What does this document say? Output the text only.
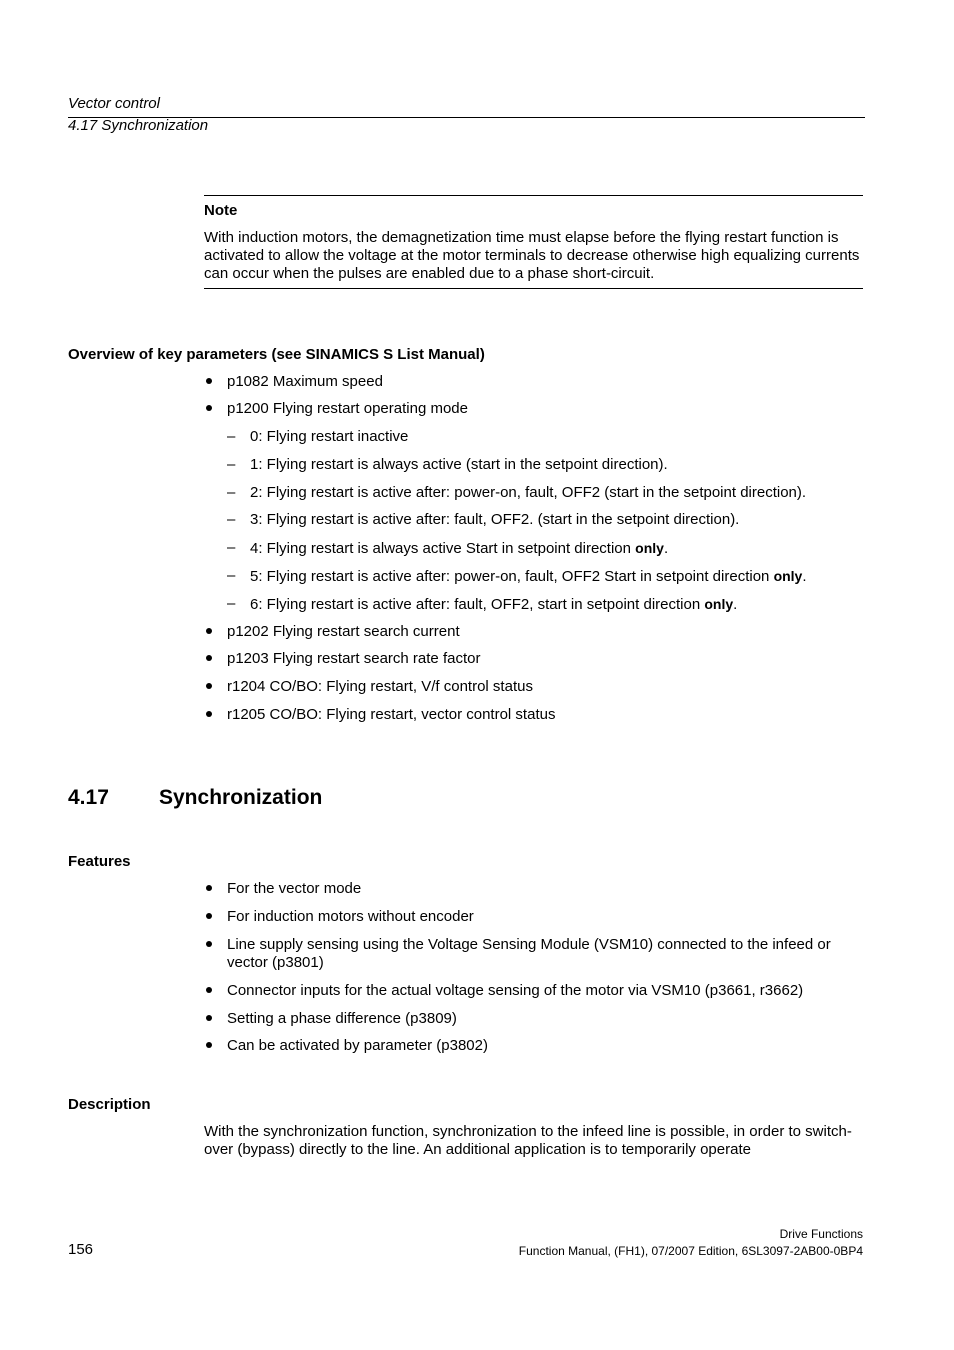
Vector control
4.17 Synchronization
Note
With induction motors, the demagnetization time must elapse before the flying restart function is activated to allow the voltage at the motor terminals to decrease otherwise high equalizing currents can occur when the pulses are enabled due to a phase short-circuit.
Overview of key parameters (see SINAMICS S List Manual)
p1082 Maximum speed
p1200 Flying restart operating mode
– 0: Flying restart inactive
– 1: Flying restart is always active (start in the setpoint direction).
– 2: Flying restart is active after: power-on, fault, OFF2 (start in the setpoint direction).
– 3: Flying restart is active after: fault, OFF2. (start in the setpoint direction).
– 4: Flying restart is always active Start in setpoint direction only.
– 5: Flying restart is active after: power-on, fault, OFF2 Start in setpoint direction only.
– 6: Flying restart is active after: fault, OFF2, start in setpoint direction only.
p1202 Flying restart search current
p1203 Flying restart search rate factor
r1204 CO/BO: Flying restart, V/f control status
r1205 CO/BO: Flying restart, vector control status
4.17 Synchronization
Features
For the vector mode
For induction motors without encoder
Line supply sensing using the Voltage Sensing Module (VSM10) connected to the infeed or vector (p3801)
Connector inputs for the actual voltage sensing of the motor via VSM10 (p3661, r3662)
Setting a phase difference (p3809)
Can be activated by parameter (p3802)
Description
With the synchronization function, synchronization to the infeed line is possible, in order to switch-over (bypass) directly to the line. An additional application is to temporarily operate
Drive Functions
156	Function Manual, (FH1), 07/2007 Edition, 6SL3097-2AB00-0BP4
